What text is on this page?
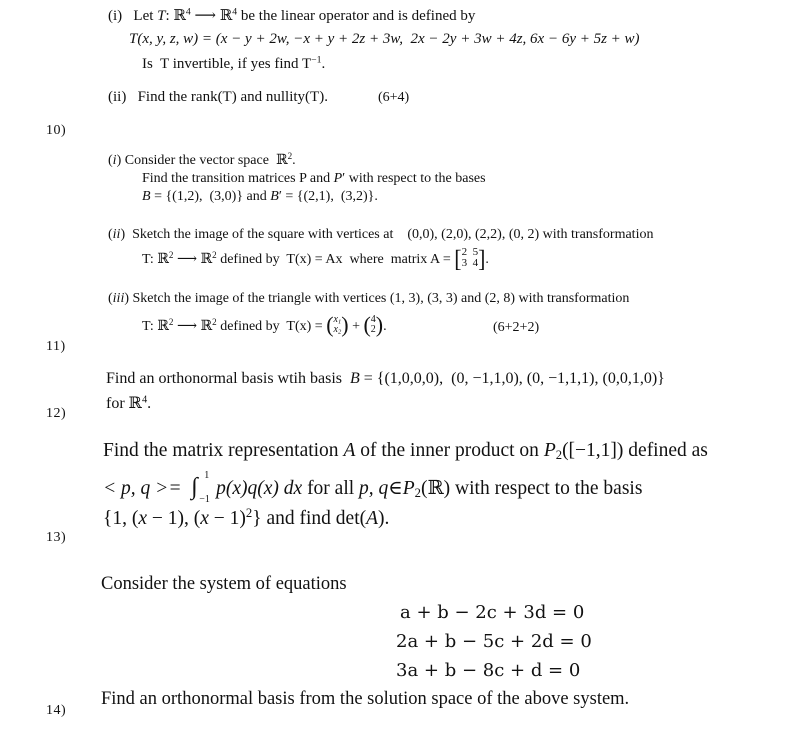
(i)   Let T: ℝ$^4$ ⟶ ℝ$^4$ be the linear operator and is defined by
T(x, y, z, w) = (x − y + 2w, −x + y + 2z + 3w,  2x − 2y + 3w + 4z, 6x − 6y + 5z + w)
Is  T invertible, if yes find $T^{-1}$.
(ii)   Find the rank(T) and nullity(T).	(6+4)
10)
(i) Consider the vector space  ℝ$^2$.
Find the transition matrices P and P′ with respect to the bases
B = {(1,2),  (3,0)} and B′ = {(2,1),  (3,2)}.
(ii)  Sketch the image of the square with vertices at    (0,0), (2,0), (2,2), (0, 2) with transformation
T: ℝ$^2$ ⟶ ℝ$^2$ defined by  T(x) = Ax  where  matrix A = [2  5
3  4].
(iii) Sketch the image of the triangle with vertices (1, 3), (3, 3) and (2, 8) with transformation
T: ℝ$^2$ ⟶ ℝ$^2$ defined by  $T(x) = (x_1$
$x_2) + (4$
2).	(6+2+2)
11)
Find an orthonormal basis wtih basis  B = {(1,0,0,0),  (0, −1,1,0), (0, −1,1,1), (0,0,1,0)}
for ℝ$^4$.
12)
Find the matrix representation A of the inner product on $P_2([-1,1])$ defined as
< p, q >= ∫ 1
−1
p(x)q(x) dx for all p, $q\in P_2(ℝ)$ with respect to the basis
{1, (x − 1), $(x - 1)^2$} and find det(A).
13)
Consider the system of equations
a + b − 2c + 3d = 0
2a + b − 5c + 2d = 0
3a + b − 8c + d = 0
Find an orthonormal basis from the solution space of the above system.
14)
